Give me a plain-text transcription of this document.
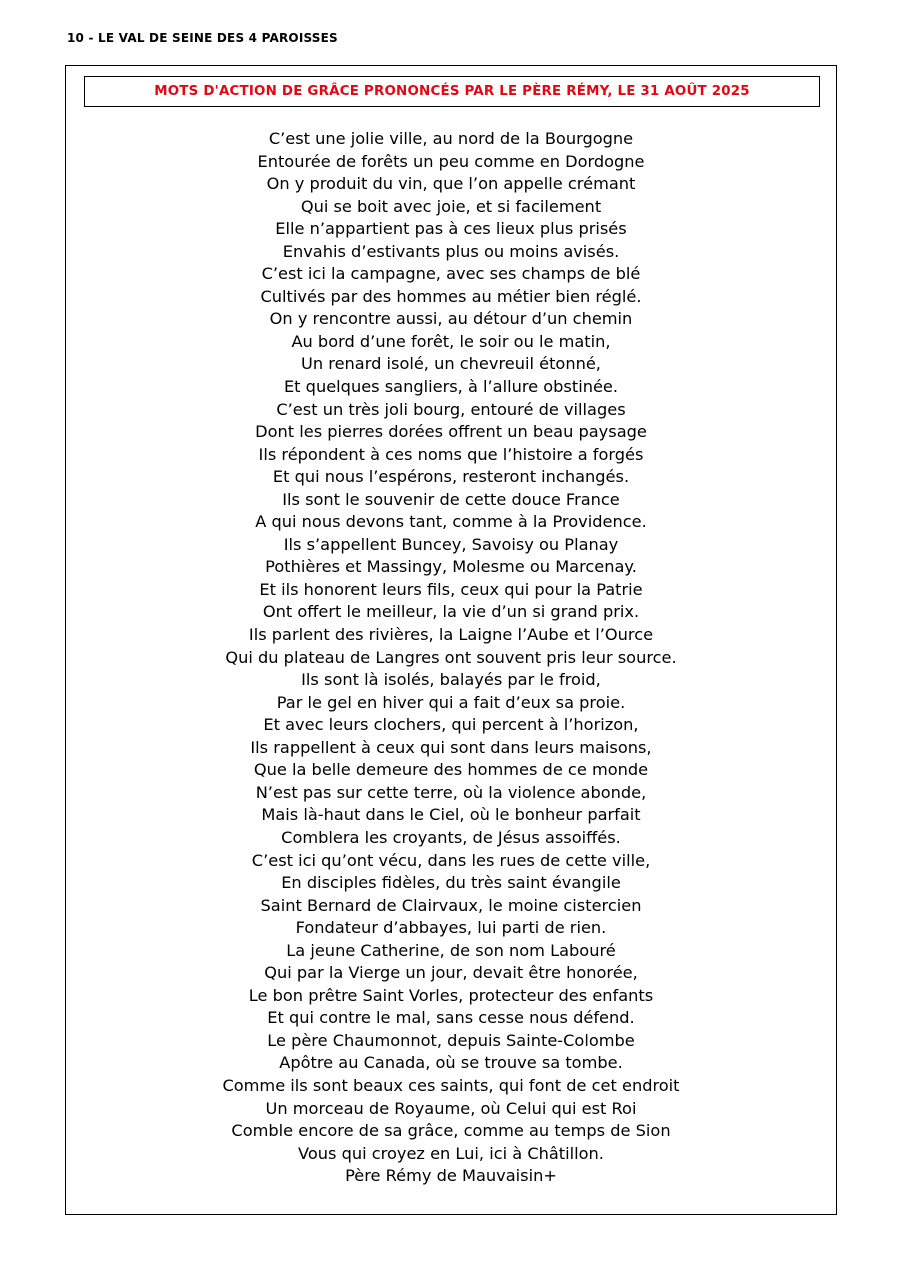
10 - LE VAL DE SEINE DES 4 PAROISSES
MOTS D'ACTION DE GRÂCE PRONONCÉS PAR LE PÈRE RÉMY, LE 31 AOÛT 2025
C’est une jolie ville, au nord de la Bourgogne
Entourée de forêts un peu comme en Dordogne
On y produit du vin, que l’on appelle crémant
Qui se boit avec joie, et si facilement
Elle n’appartient pas à ces lieux plus prisés
Envahis d’estivants plus ou moins avisés.
C’est ici la campagne, avec ses champs de blé
Cultivés par des hommes au métier bien réglé.
On y rencontre aussi, au détour d’un chemin
Au bord d’une forêt, le soir ou le matin,
Un renard isolé, un chevreuil étonné,
Et quelques sangliers, à l’allure obstinée.
C’est un très joli bourg, entouré de villages
Dont les pierres dorées offrent un beau paysage
Ils répondent à ces noms que l’histoire a forgés
Et qui nous l’espérons, resteront inchangés.
Ils sont le souvenir de cette douce France
A qui nous devons tant, comme à la Providence.
Ils s’appellent Buncey, Savoisy ou Planay
Pothières et Massingy, Molesme ou Marcenay.
Et ils honorent leurs fils, ceux qui pour la Patrie
Ont offert le meilleur, la vie d’un si grand prix.
Ils parlent des rivières, la Laigne l’Aube et l’Ource
Qui du plateau de Langres ont souvent pris leur source.
Ils sont là isolés, balayés par le froid,
Par le gel en hiver qui a fait d’eux sa proie.
Et avec leurs clochers, qui percent à l’horizon,
Ils rappellent à ceux qui sont dans leurs maisons,
Que la belle demeure des hommes de ce monde
N’est pas sur cette terre, où la violence abonde,
Mais là-haut dans le Ciel, où le bonheur parfait
Comblera les croyants, de Jésus assoiffés.
C’est ici qu’ont vécu, dans les rues de cette ville,
En disciples fidèles, du très saint évangile
Saint Bernard de Clairvaux, le moine cistercien
Fondateur d’abbayes, lui parti de rien.
La jeune Catherine, de son nom Labouré
Qui par la Vierge un jour, devait être honorée,
Le bon prêtre Saint Vorles, protecteur des enfants
Et qui contre le mal, sans cesse nous défend.
Le père Chaumonnot, depuis Sainte-Colombe
Apôtre au Canada, où se trouve sa tombe.
Comme ils sont beaux ces saints, qui font de cet endroit
Un morceau de Royaume, où Celui qui est Roi
Comble encore de sa grâce, comme au temps de Sion
Vous qui croyez en Lui, ici à Châtillon.
Père Rémy de Mauvaisin+
